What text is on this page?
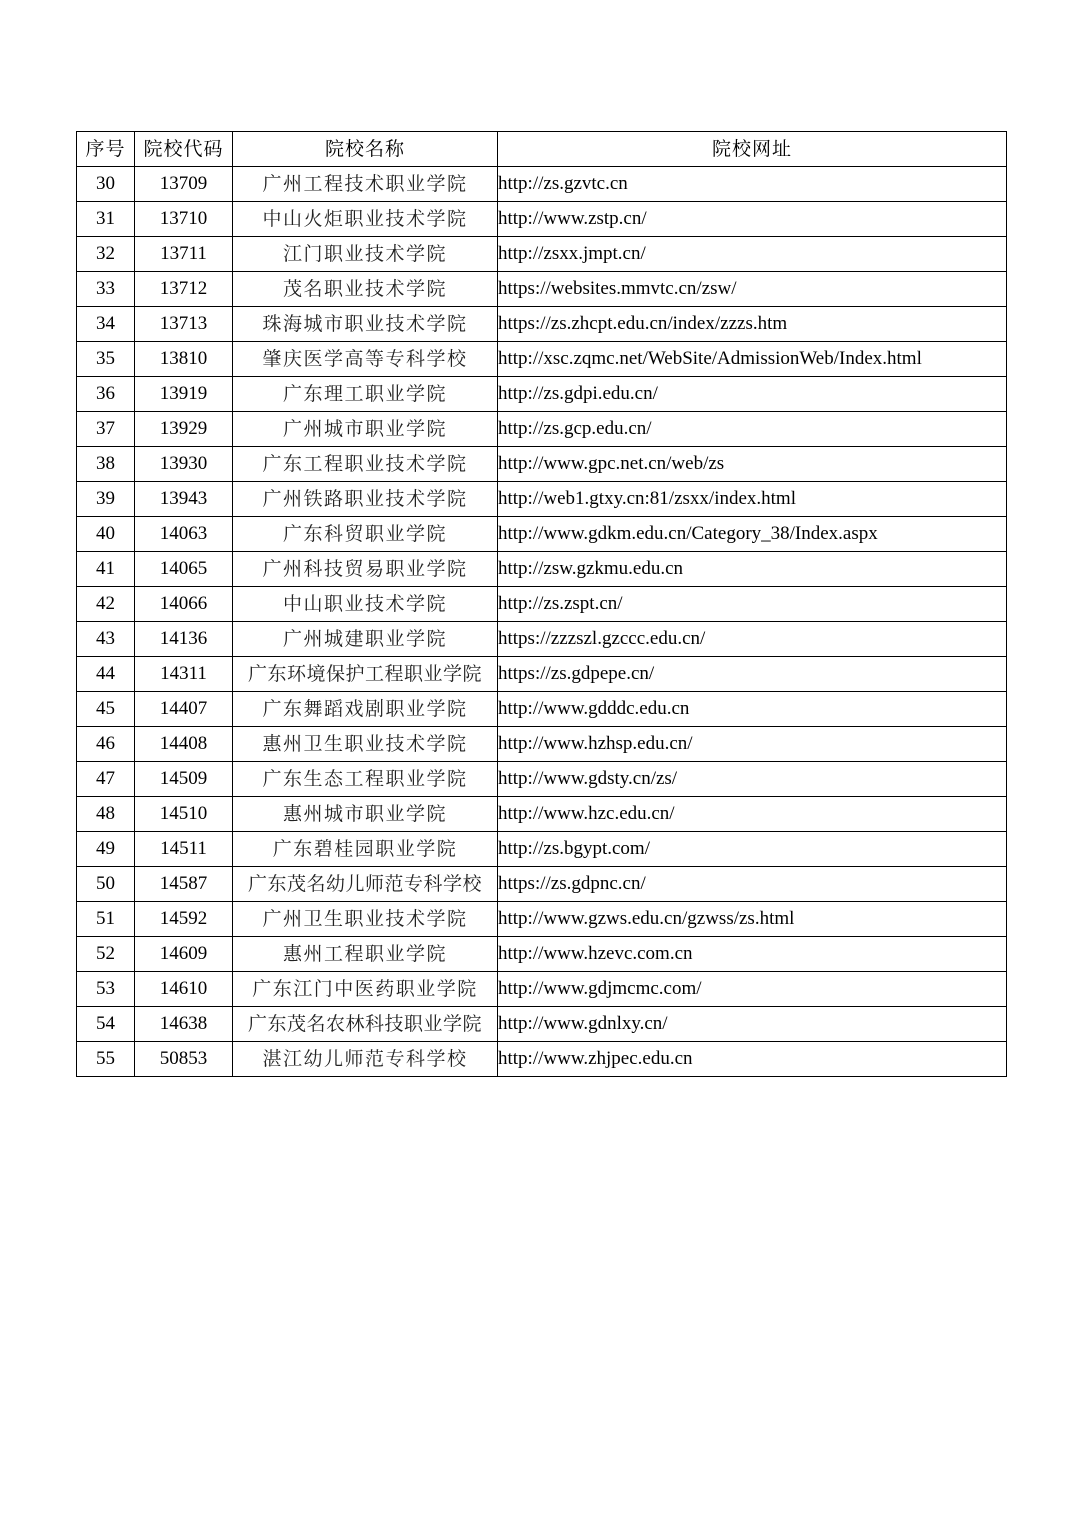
序号	院校代码	院校名称	院校网址
30	13709	广州工程技术职业学院	http://zs.gzvtc.cn
31	13710	中山火炬职业技术学院	http://www.zstp.cn/
32	13711	江门职业技术学院	http://zsxx.jmpt.cn/
33	13712	茂名职业技术学院	https://websites.mmvtc.cn/zsw/
34	13713	珠海城市职业技术学院	https://zs.zhcpt.edu.cn/index/zzzs.htm
35	13810	肇庆医学高等专科学校	http://xsc.zqmc.net/WebSite/AdmissionWeb/Index.html
36	13919	广东理工职业学院	http://zs.gdpi.edu.cn/
37	13929	广州城市职业学院	http://zs.gcp.edu.cn/
38	13930	广东工程职业技术学院	http://www.gpc.net.cn/web/zs
39	13943	广州铁路职业技术学院	http://web1.gtxy.cn:81/zsxx/index.html
40	14063	广东科贸职业学院	http://www.gdkm.edu.cn/Category_38/Index.aspx
41	14065	广州科技贸易职业学院	http://zsw.gzkmu.edu.cn
42	14066	中山职业技术学院	http://zs.zspt.cn/
43	14136	广州城建职业学院	https://zzzszl.gzccc.edu.cn/
44	14311	广东环境保护工程职业学院	https://zs.gdpepe.cn/
45	14407	广东舞蹈戏剧职业学院	http://www.gdddc.edu.cn
46	14408	惠州卫生职业技术学院	http://www.hzhsp.edu.cn/
47	14509	广东生态工程职业学院	http://www.gdsty.cn/zs/
48	14510	惠州城市职业学院	http://www.hzc.edu.cn/
49	14511	广东碧桂园职业学院	http://zs.bgypt.com/
50	14587	广东茂名幼儿师范专科学校	https://zs.gdpnc.cn/
51	14592	广州卫生职业技术学院	http://www.gzws.edu.cn/gzwss/zs.html
52	14609	惠州工程职业学院	http://www.hzevc.com.cn
53	14610	广东江门中医药职业学院	http://www.gdjmcmc.com/
54	14638	广东茂名农林科技职业学院	http://www.gdnlxy.cn/
55	50853	湛江幼儿师范专科学校	http://www.zhjpec.edu.cn
